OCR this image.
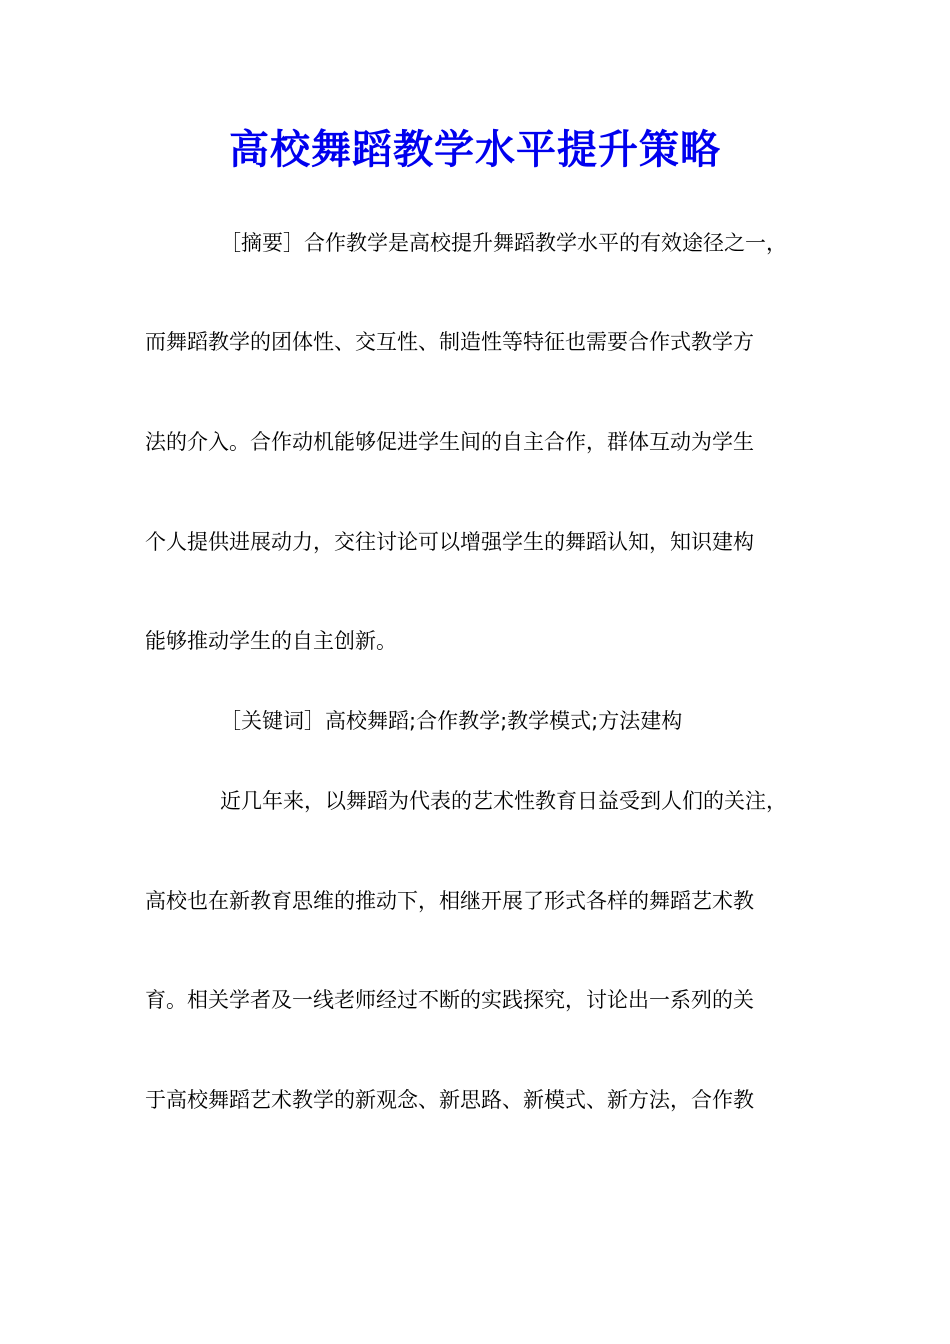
高校舞蹈教学水平提升策略
［摘要］合作教学是高校提升舞蹈教学水平的有效途径之一，
而舞蹈教学的团体性、交互性、制造性等特征也需要合作式教学方
法的介入。合作动机能够促进学生间的自主合作，群体互动为学生
个人提供进展动力，交往讨论可以增强学生的舞蹈认知，知识建构
能够推动学生的自主创新。
［关键词］高校舞蹈;合作教学;教学模式;方法建构
近几年来，以舞蹈为代表的艺术性教育日益受到人们的关注，
高校也在新教育思维的推动下，相继开展了形式各样的舞蹈艺术教
育。相关学者及一线老师经过不断的实践探究，讨论出一系列的关
于高校舞蹈艺术教学的新观念、新思路、新模式、新方法，合作教
